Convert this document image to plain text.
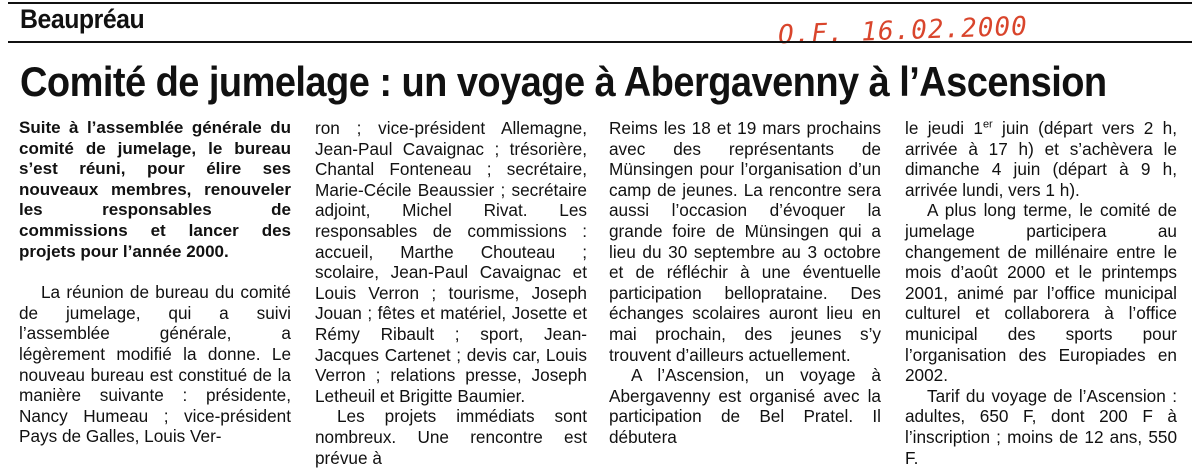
Beaupréau	O.F. 16.02.2000
Comité de jumelage : un voyage à Abergavenny à l’Ascension

Suite à l’assemblée générale du comité de jumelage, le bureau s’est réuni, pour élire ses nouveaux membres, renouveler les responsables de commissions et lancer des projets pour l’année 2000.

La réunion de bureau du comité de jumelage, qui a suivi l’assemblée générale, a légèrement modifié la donne. Le nouveau bureau est constitué de la manière suivante : présidente, Nancy Humeau ; vice-président Pays de Galles, Louis Ver-

ron ; vice-président Allemagne, Jean-Paul Cavaignac ; trésorière, Chantal Fonteneau ; secrétaire, Marie-Cécile Beaussier ; secrétaire adjoint, Michel Rivat. Les responsables de commissions : accueil, Marthe Chouteau ; scolaire, Jean-Paul Cavaignac et Louis Verron ; tourisme, Joseph Jouan ; fêtes et matériel, Josette et Rémy Ribault ; sport, Jean-Jacques Cartenet ; devis car, Louis Verron ; relations presse, Joseph Letheuil et Brigitte Baumier.

Les projets immédiats sont nombreux. Une rencontre est prévue à

Reims les 18 et 19 mars prochains avec des représentants de Münsingen pour l’organisation d’un camp de jeunes. La rencontre sera aussi l’occasion d’évoquer la grande foire de Münsingen qui a lieu du 30 septembre au 3 octobre et de réfléchir à une éventuelle participation belloprataine. Des échanges scolaires auront lieu en mai prochain, des jeunes s’y trouvent d’ailleurs actuellement.

A l’Ascension, un voyage à Abergavenny est organisé avec la participation de Bel Pratel. Il débutera

le jeudi 1er juin (départ vers 2 h, arrivée à 17 h) et s’achèvera le dimanche 4 juin (départ à 9 h, arrivée lundi, vers 1 h).

A plus long terme, le comité de jumelage participera au changement de millénaire entre le mois d’août 2000 et le printemps 2001, animé par l’office municipal culturel et collaborera à l’office municipal des sports pour l’organisation des Europiades en 2002.

Tarif du voyage de l’Ascension : adultes, 650 F, dont 200 F à l’inscription ; moins de 12 ans, 550 F.
